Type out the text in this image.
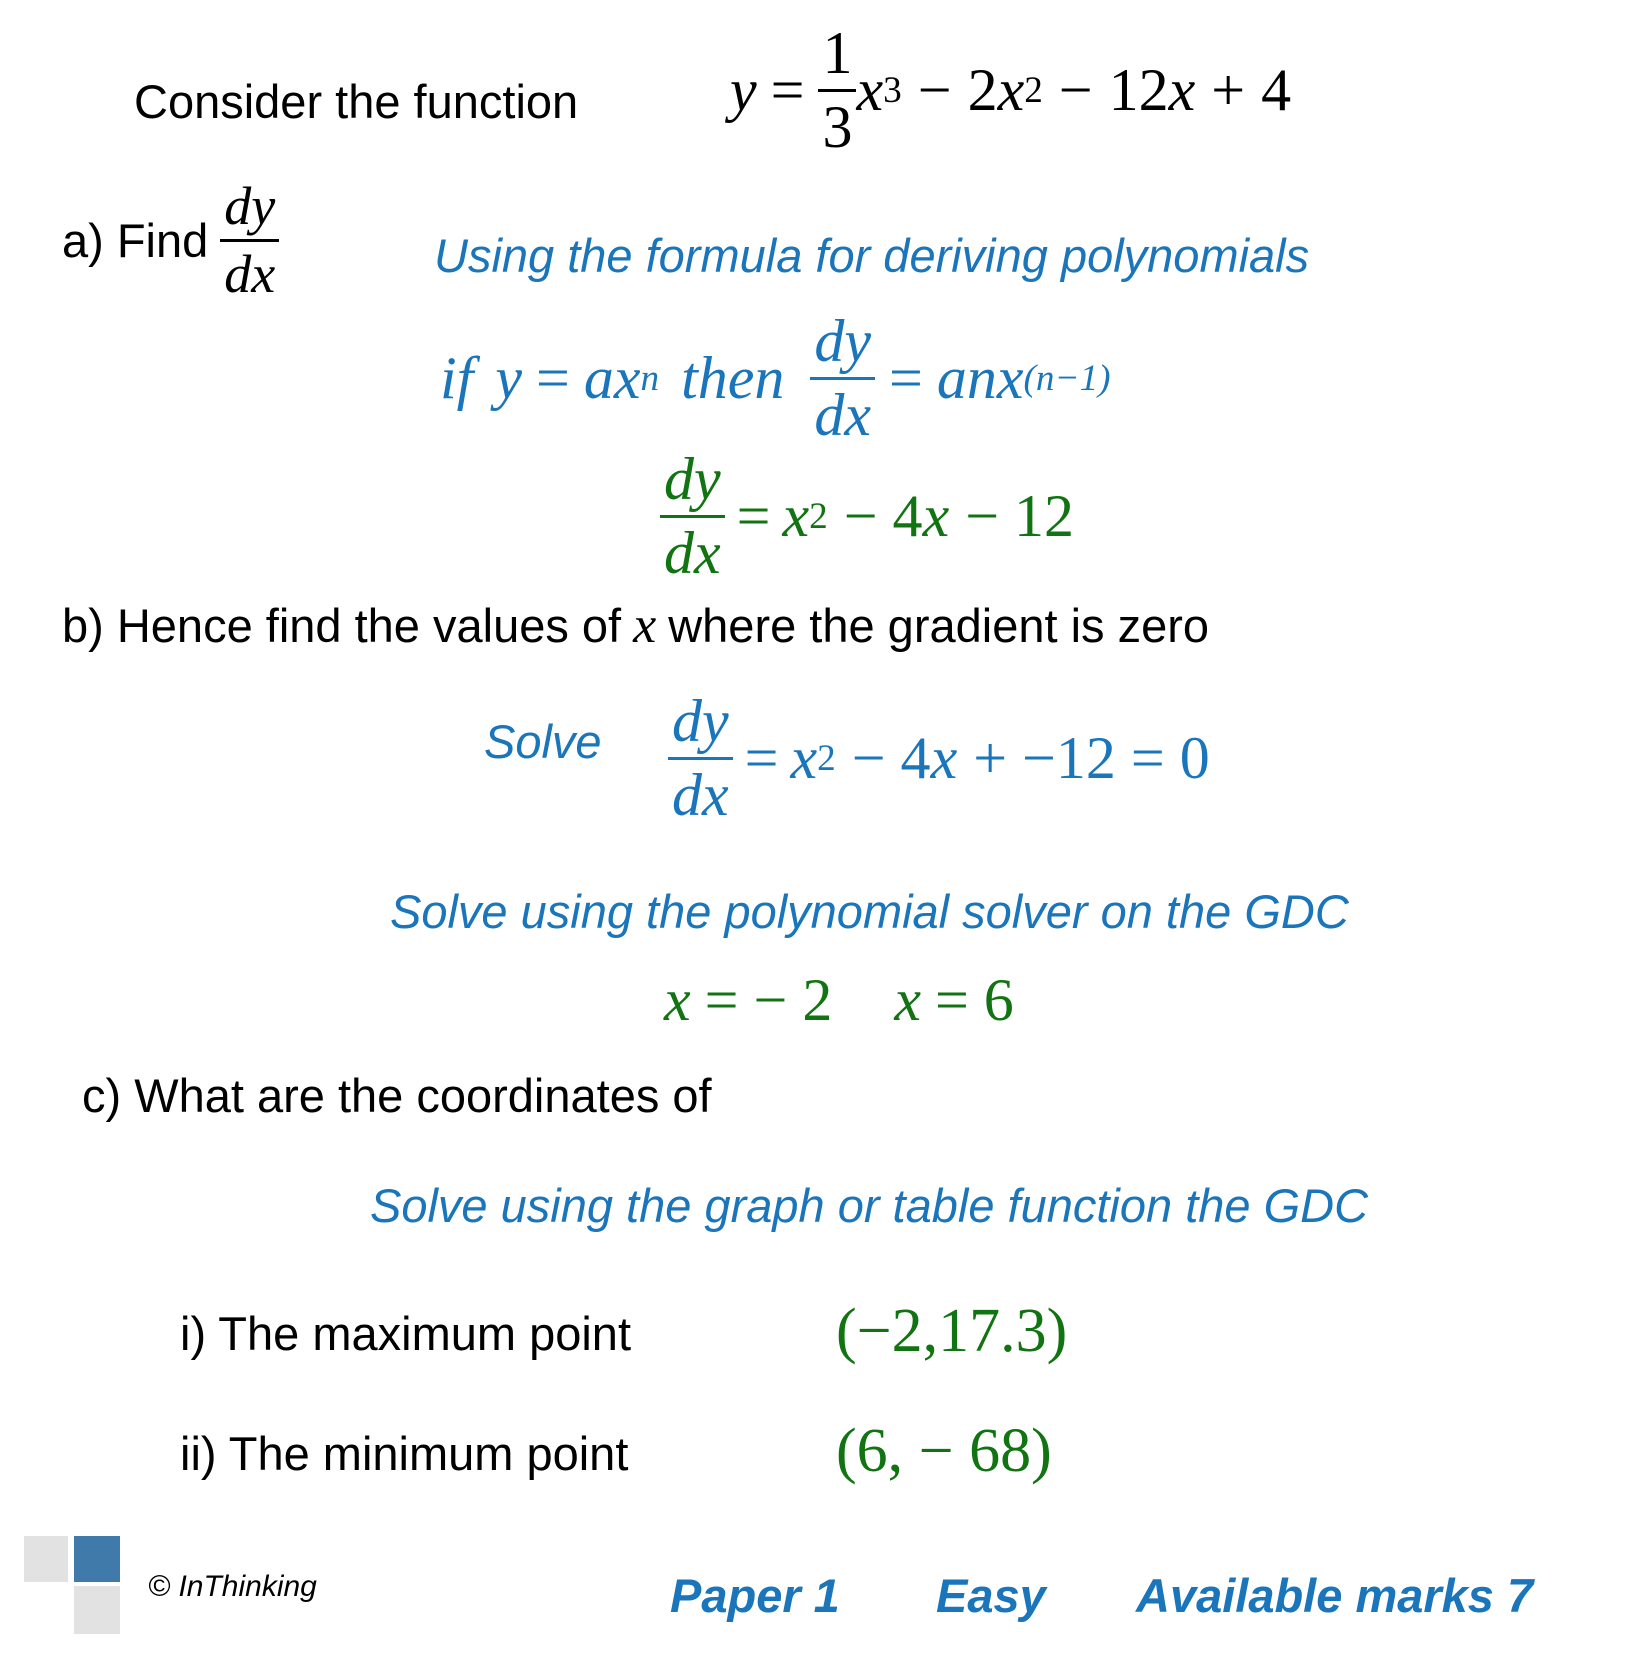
Consider the function	$y = \frac{1}{3}$ x 3 − 2 x 2 − 12 x + 4
a) Find $\frac{dy}{dx}$	Using the formula for deriving polynomials
if y = a x n then $\frac{dy}{dx}$ = an x (n−1)
$\frac{dy}{dx} = x$ 2 − 4 x − 12
b) Hence find the values of x where the gradient is zero
Solve $\frac{dy}{dx} = x$ 2 − 4 x + −12 = 0
Solve using the polynomial solver on the GDC
x = − 2 x = 6
c) What are the coordinates of
Solve using the graph or table function the GDC
i) The maximum point	(−2,17.3)
ii) The minimum point	(6, − 68)
© InThinking	Paper 1 Easy Available marks 7
